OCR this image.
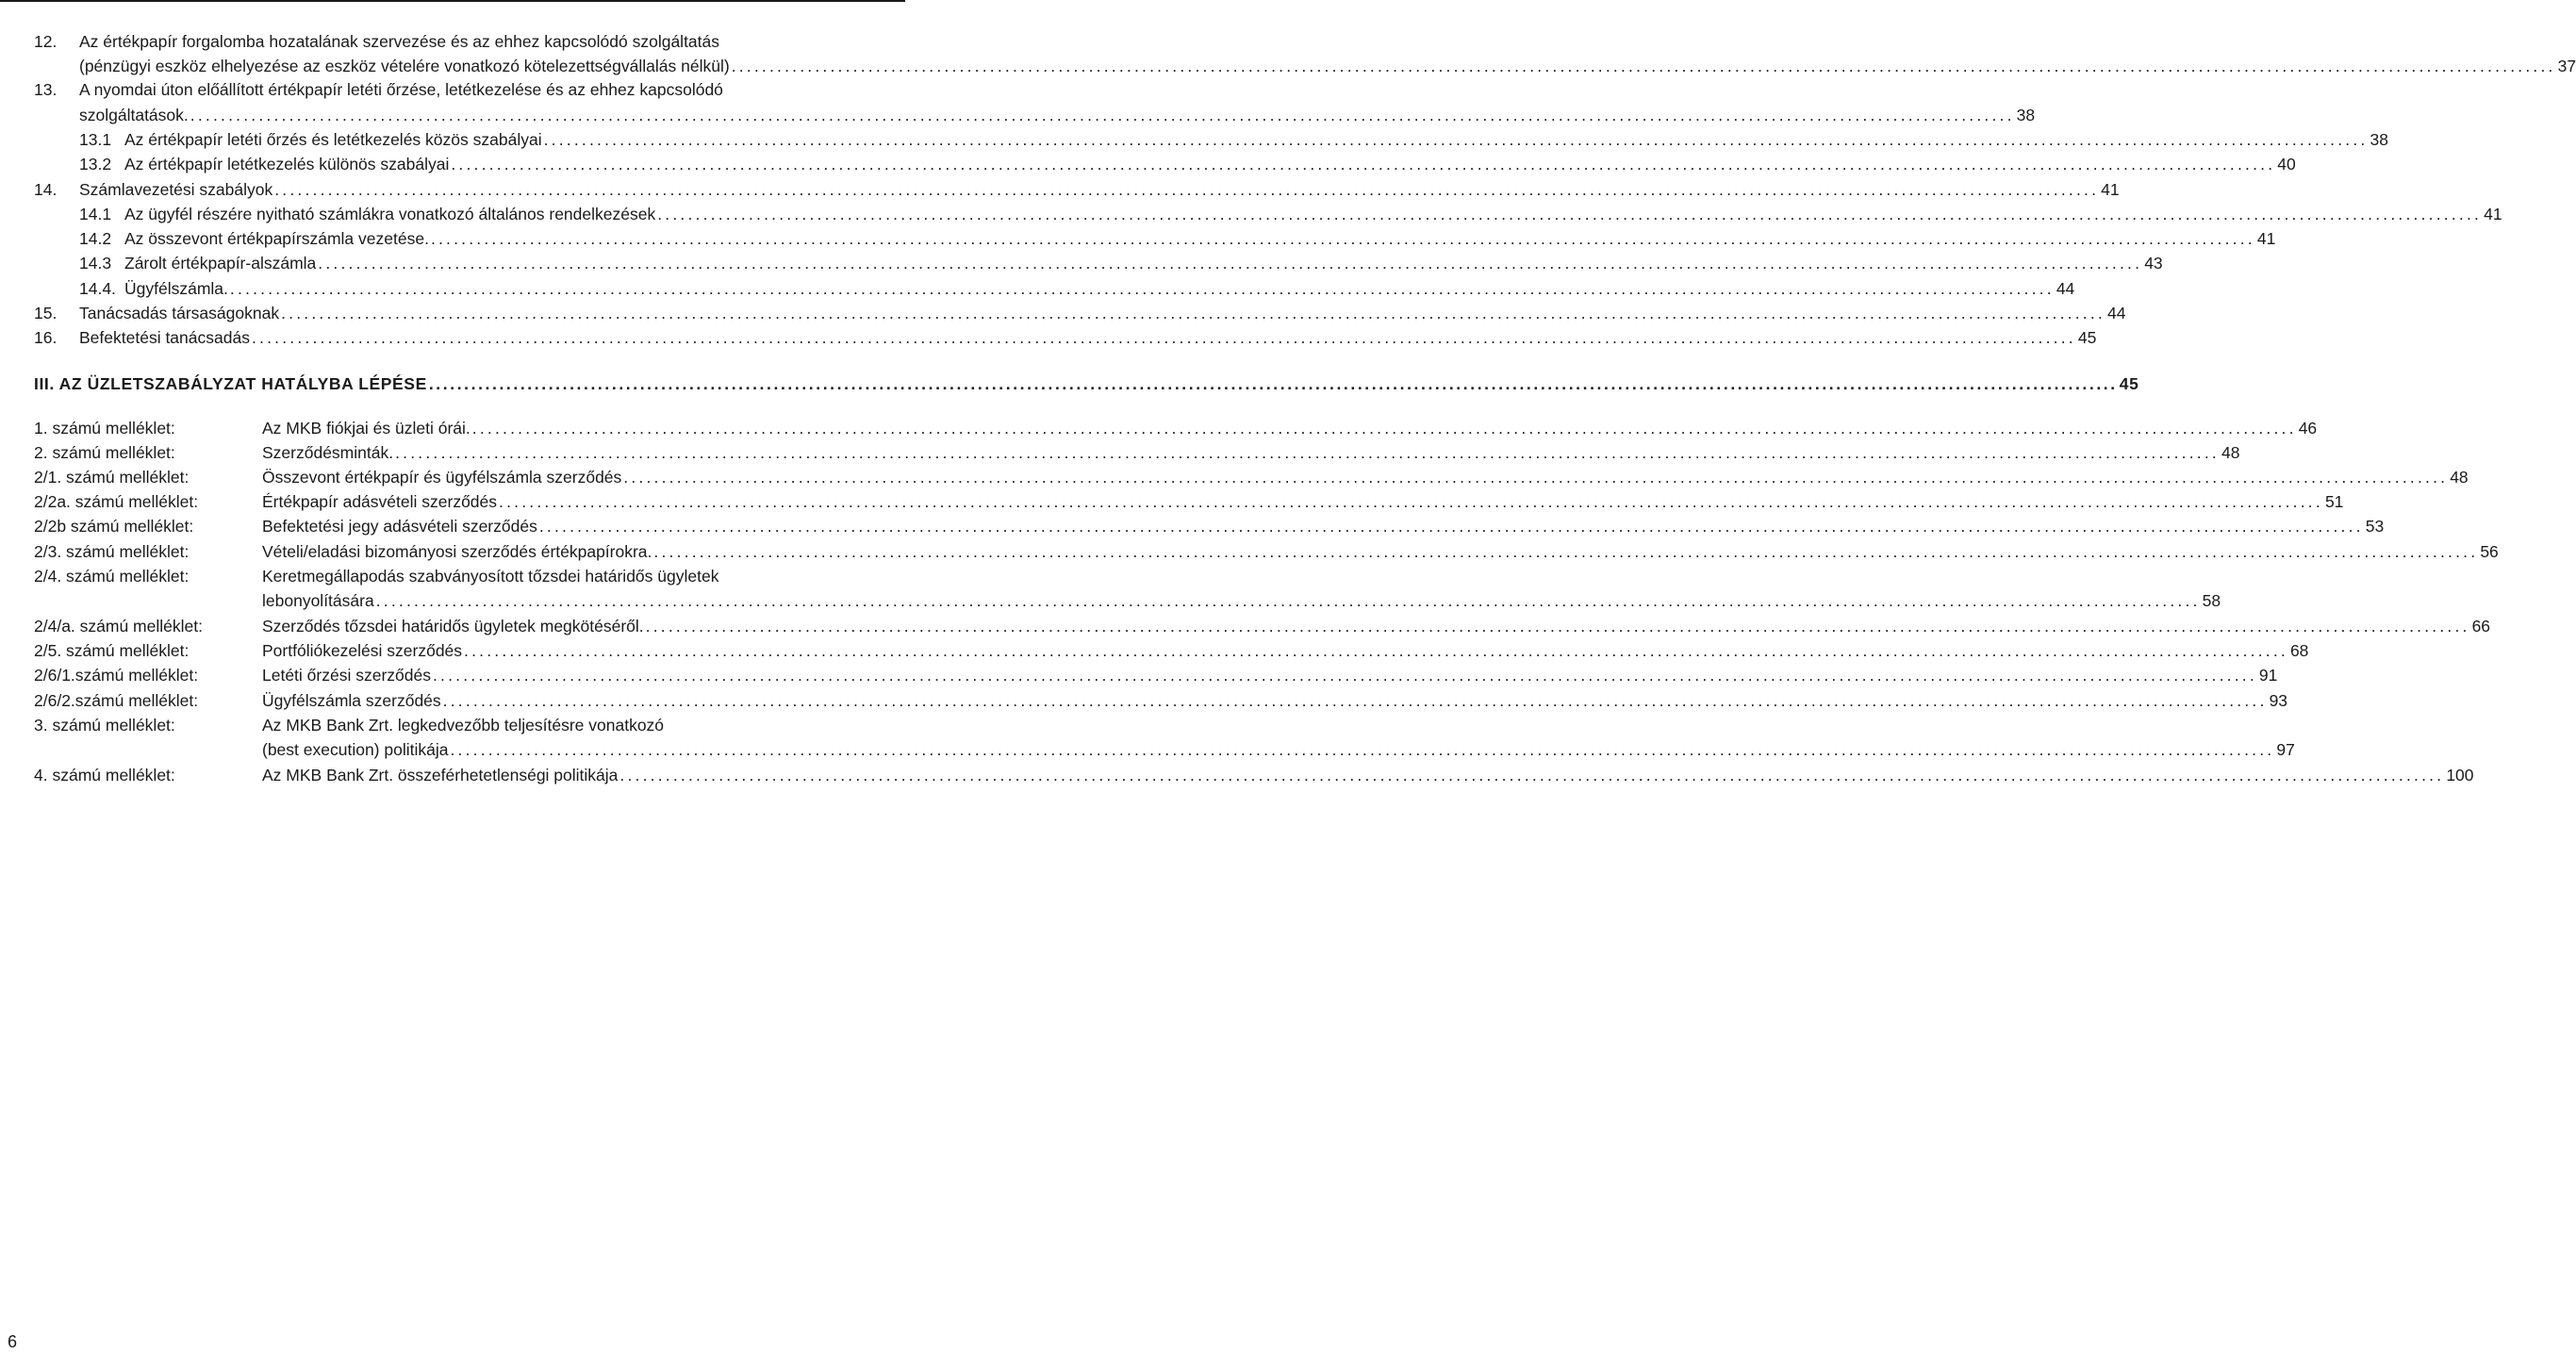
12.	Az értékpapír forgalomba hozatalának szervezése és az ehhez kapcsolódó szolgáltatás
(pénzügyi eszköz elhelyezése az eszköz vételére vonatkozó kötelezettségvállalás nélkül) .....	37
13.	A nyomdai úton előállított értékpapír letéti őrzése, letétkezelése és az ehhez kapcsolódó
szolgáltatások. .....	38
13.1 Az értékpapír letéti őrzés és letétkezelés közös szabályai .....	38
13.2 Az értékpapír letétkezelés különös szabályai .....	40
14.	Számlavezetési szabályok .....	41
14.1 Az ügyfél részére nyitható számlákra vonatkozó általános rendelkezések .....	41
14.2 Az összevont értékpapírszámla vezetése. .....	41
14.3 Zárolt értékpapír-alszámla .....	43
14.4. Ügyfélszámla. .....	44
15.	Tanácsadás társaságoknak .....	44
16.	Befektetési tanácsadás .....	45
III. AZ ÜZLETSZABÁLYZAT HATÁLYBA LÉPÉSE .....	45
1. számú melléklet:	Az MKB fiókjai és üzleti órái. .....	46
2. számú melléklet:	Szerződésminták. .....	48
2/1. számú melléklet:	Összevont értékpapír és ügyfélszámla szerződés .....	48
2/2a. számú melléklet:	Értékpapír adásvételi szerződés .....	51
2/2b számú melléklet:	Befektetési jegy adásvételi szerződés .....	53
2/3. számú melléklet:	Vételi/eladási bizományosi szerződés értékpapírokra. .....	56
2/4. számú melléklet:	Keretmegállapodás szabványosított tőzsdei határidős ügyletek
lebonyolítására .....	58
2/4/a. számú melléklet:	Szerződés tőzsdei határidős ügyletek megkötéséről. .....	66
2/5. számú melléklet:	Portfóliókezelési szerződés .....	68
2/6/1.számú melléklet:	Letéti őrzési szerződés .....	91
2/6/2.számú melléklet:	Ügyfélszámla szerződés .....	93
3. számú melléklet:	Az MKB Bank Zrt. legkedvezőbb teljesítésre vonatkozó
(best execution) politikája .....	97
4. számú melléklet:	Az MKB Bank Zrt. összeférhetetlenségi politikája .....	100
6
